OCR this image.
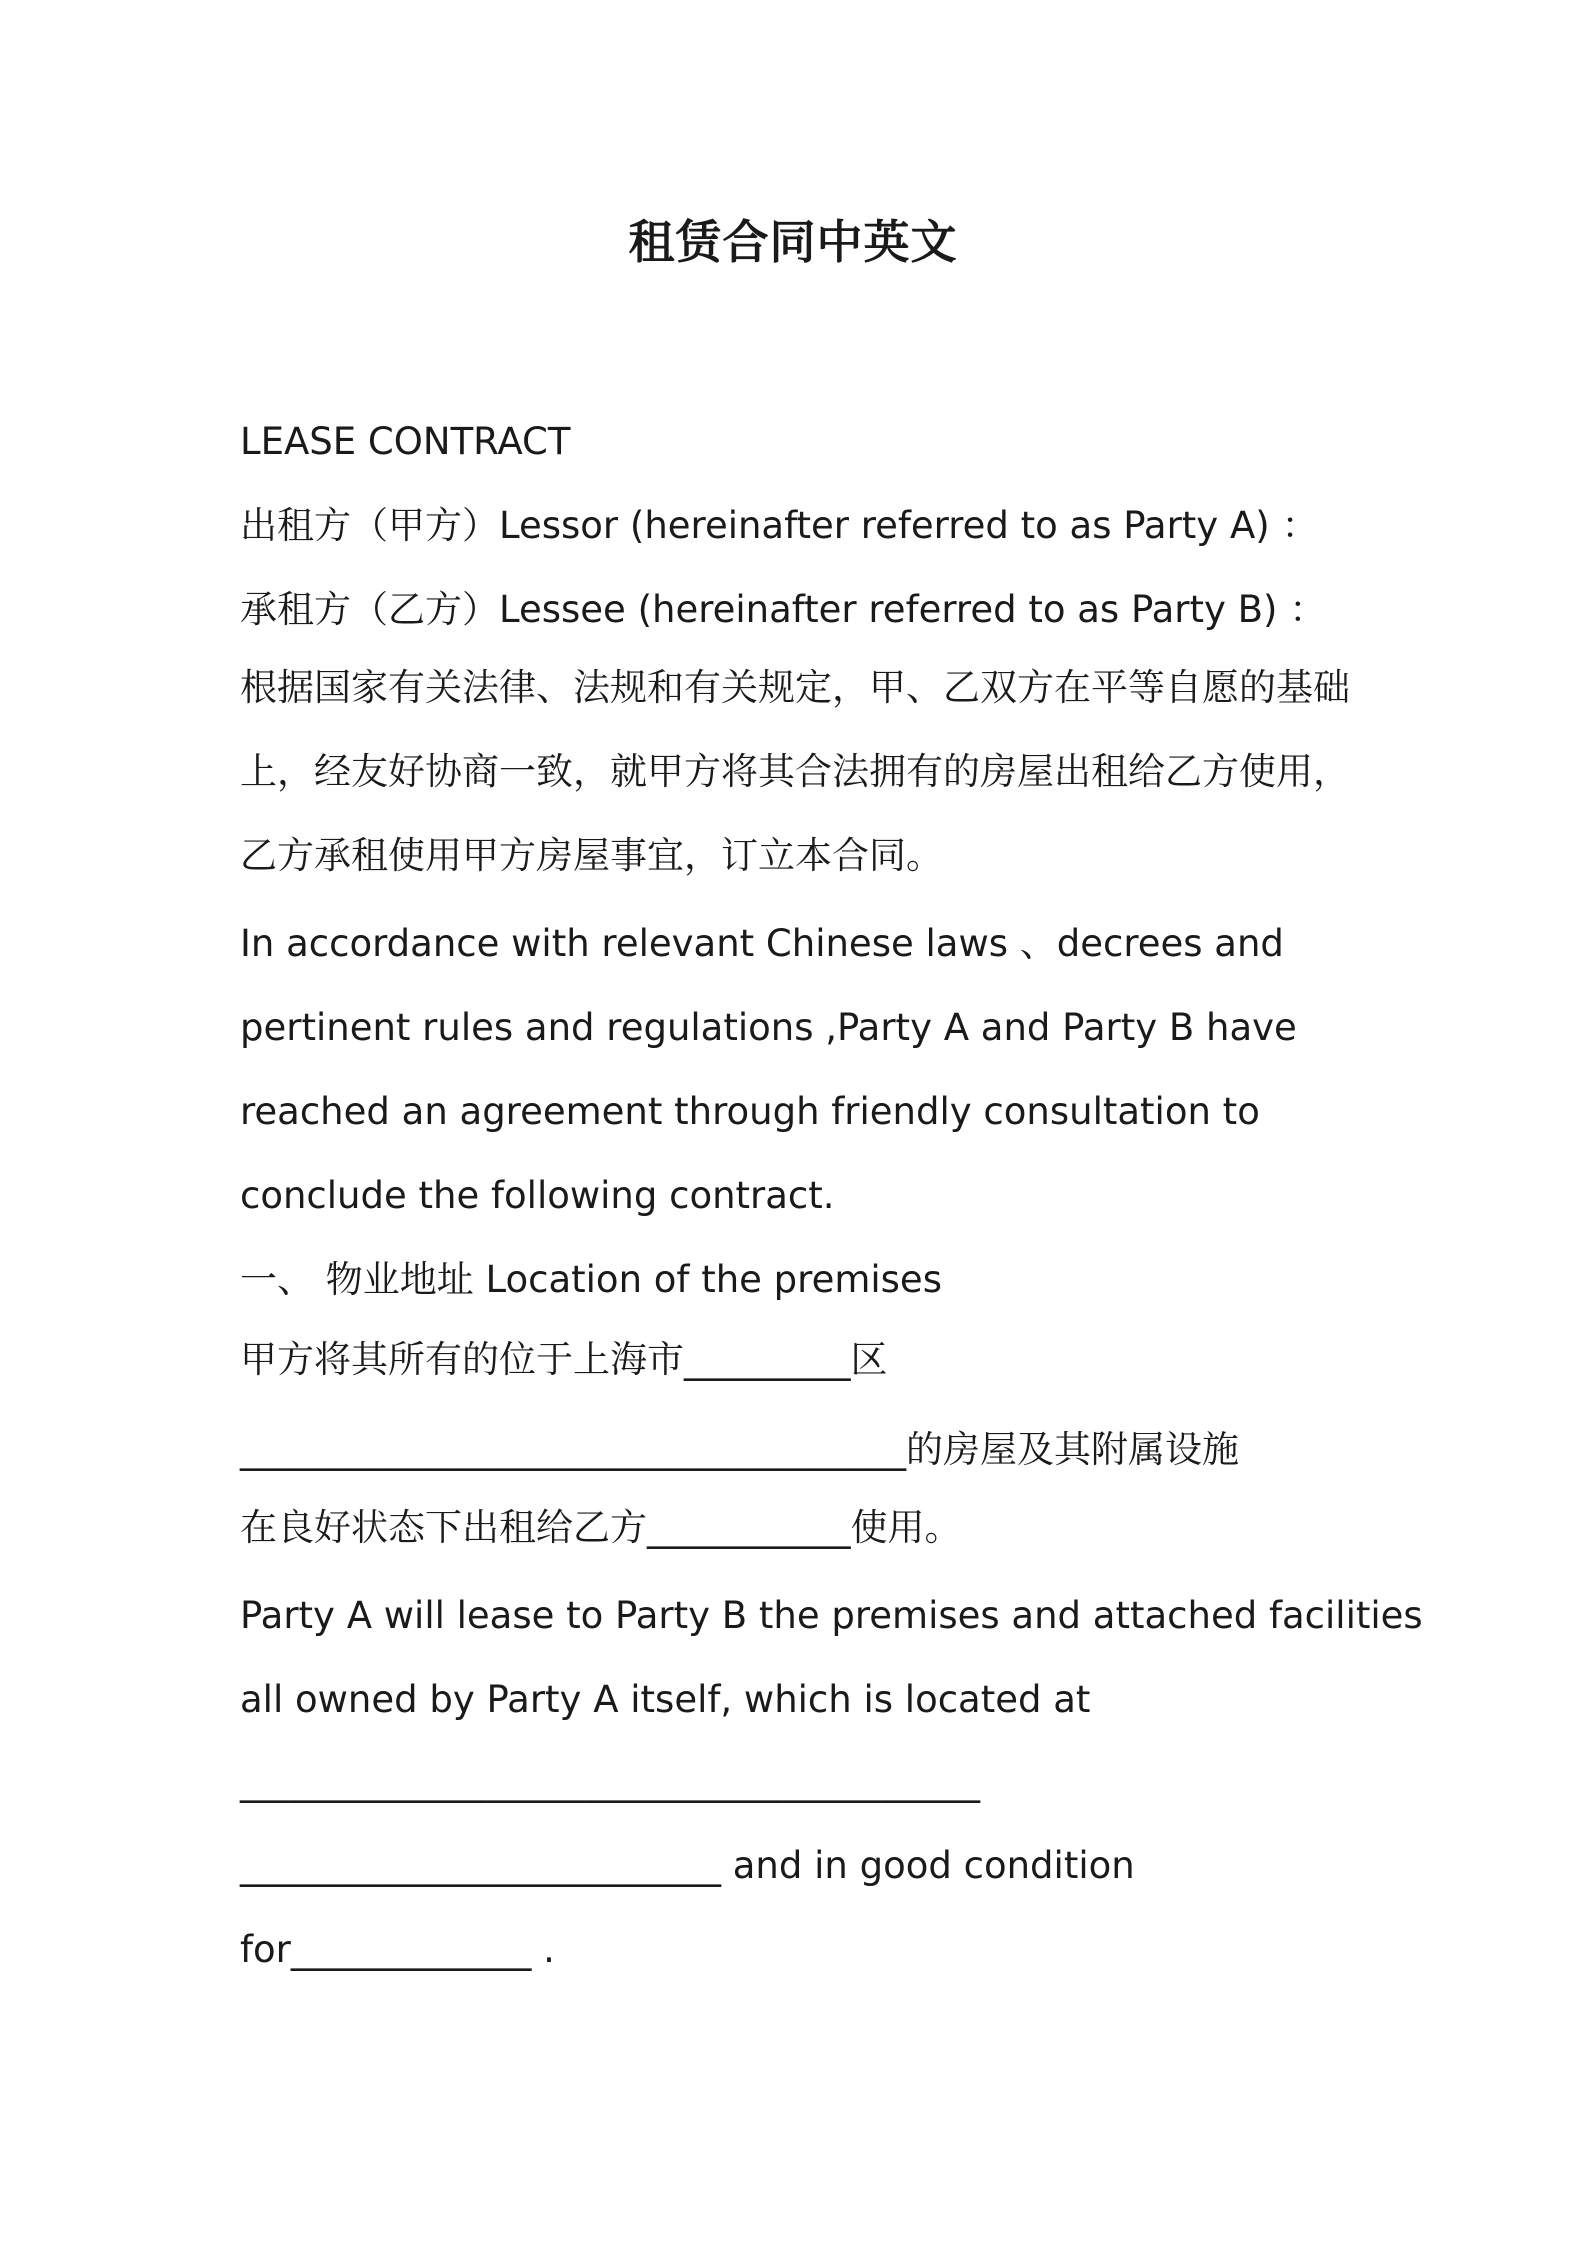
租赁合同中英文
LEASE CONTRACT
出租方（甲方）Lessor (hereinafter referred to as Party A) ：
承租方（乙方）Lessee (hereinafter referred to as Party B) ：
根据国家有关法律、法规和有关规定，甲、乙双方在平等自愿的基础
上，经友好协商一致，就甲方将其合法拥有的房屋出租给乙方使用，
乙方承租使用甲方房屋事宜，订立本合同。
In accordance with relevant Chinese laws 、decrees and
pertinent rules and regulations ,Party A and Party B have
reached an agreement through friendly consultation to
conclude the following contract.
一、 物业地址 Location of the premises
甲方将其所有的位于上海市_________区
____________________________________的房屋及其附属设施
在良好状态下出租给乙方___________使用。
Party A will lease to Party B the premises and attached facilities
all owned by Party A itself, which is located at
________________________________________
__________________________ and in good condition
for_____________ .
